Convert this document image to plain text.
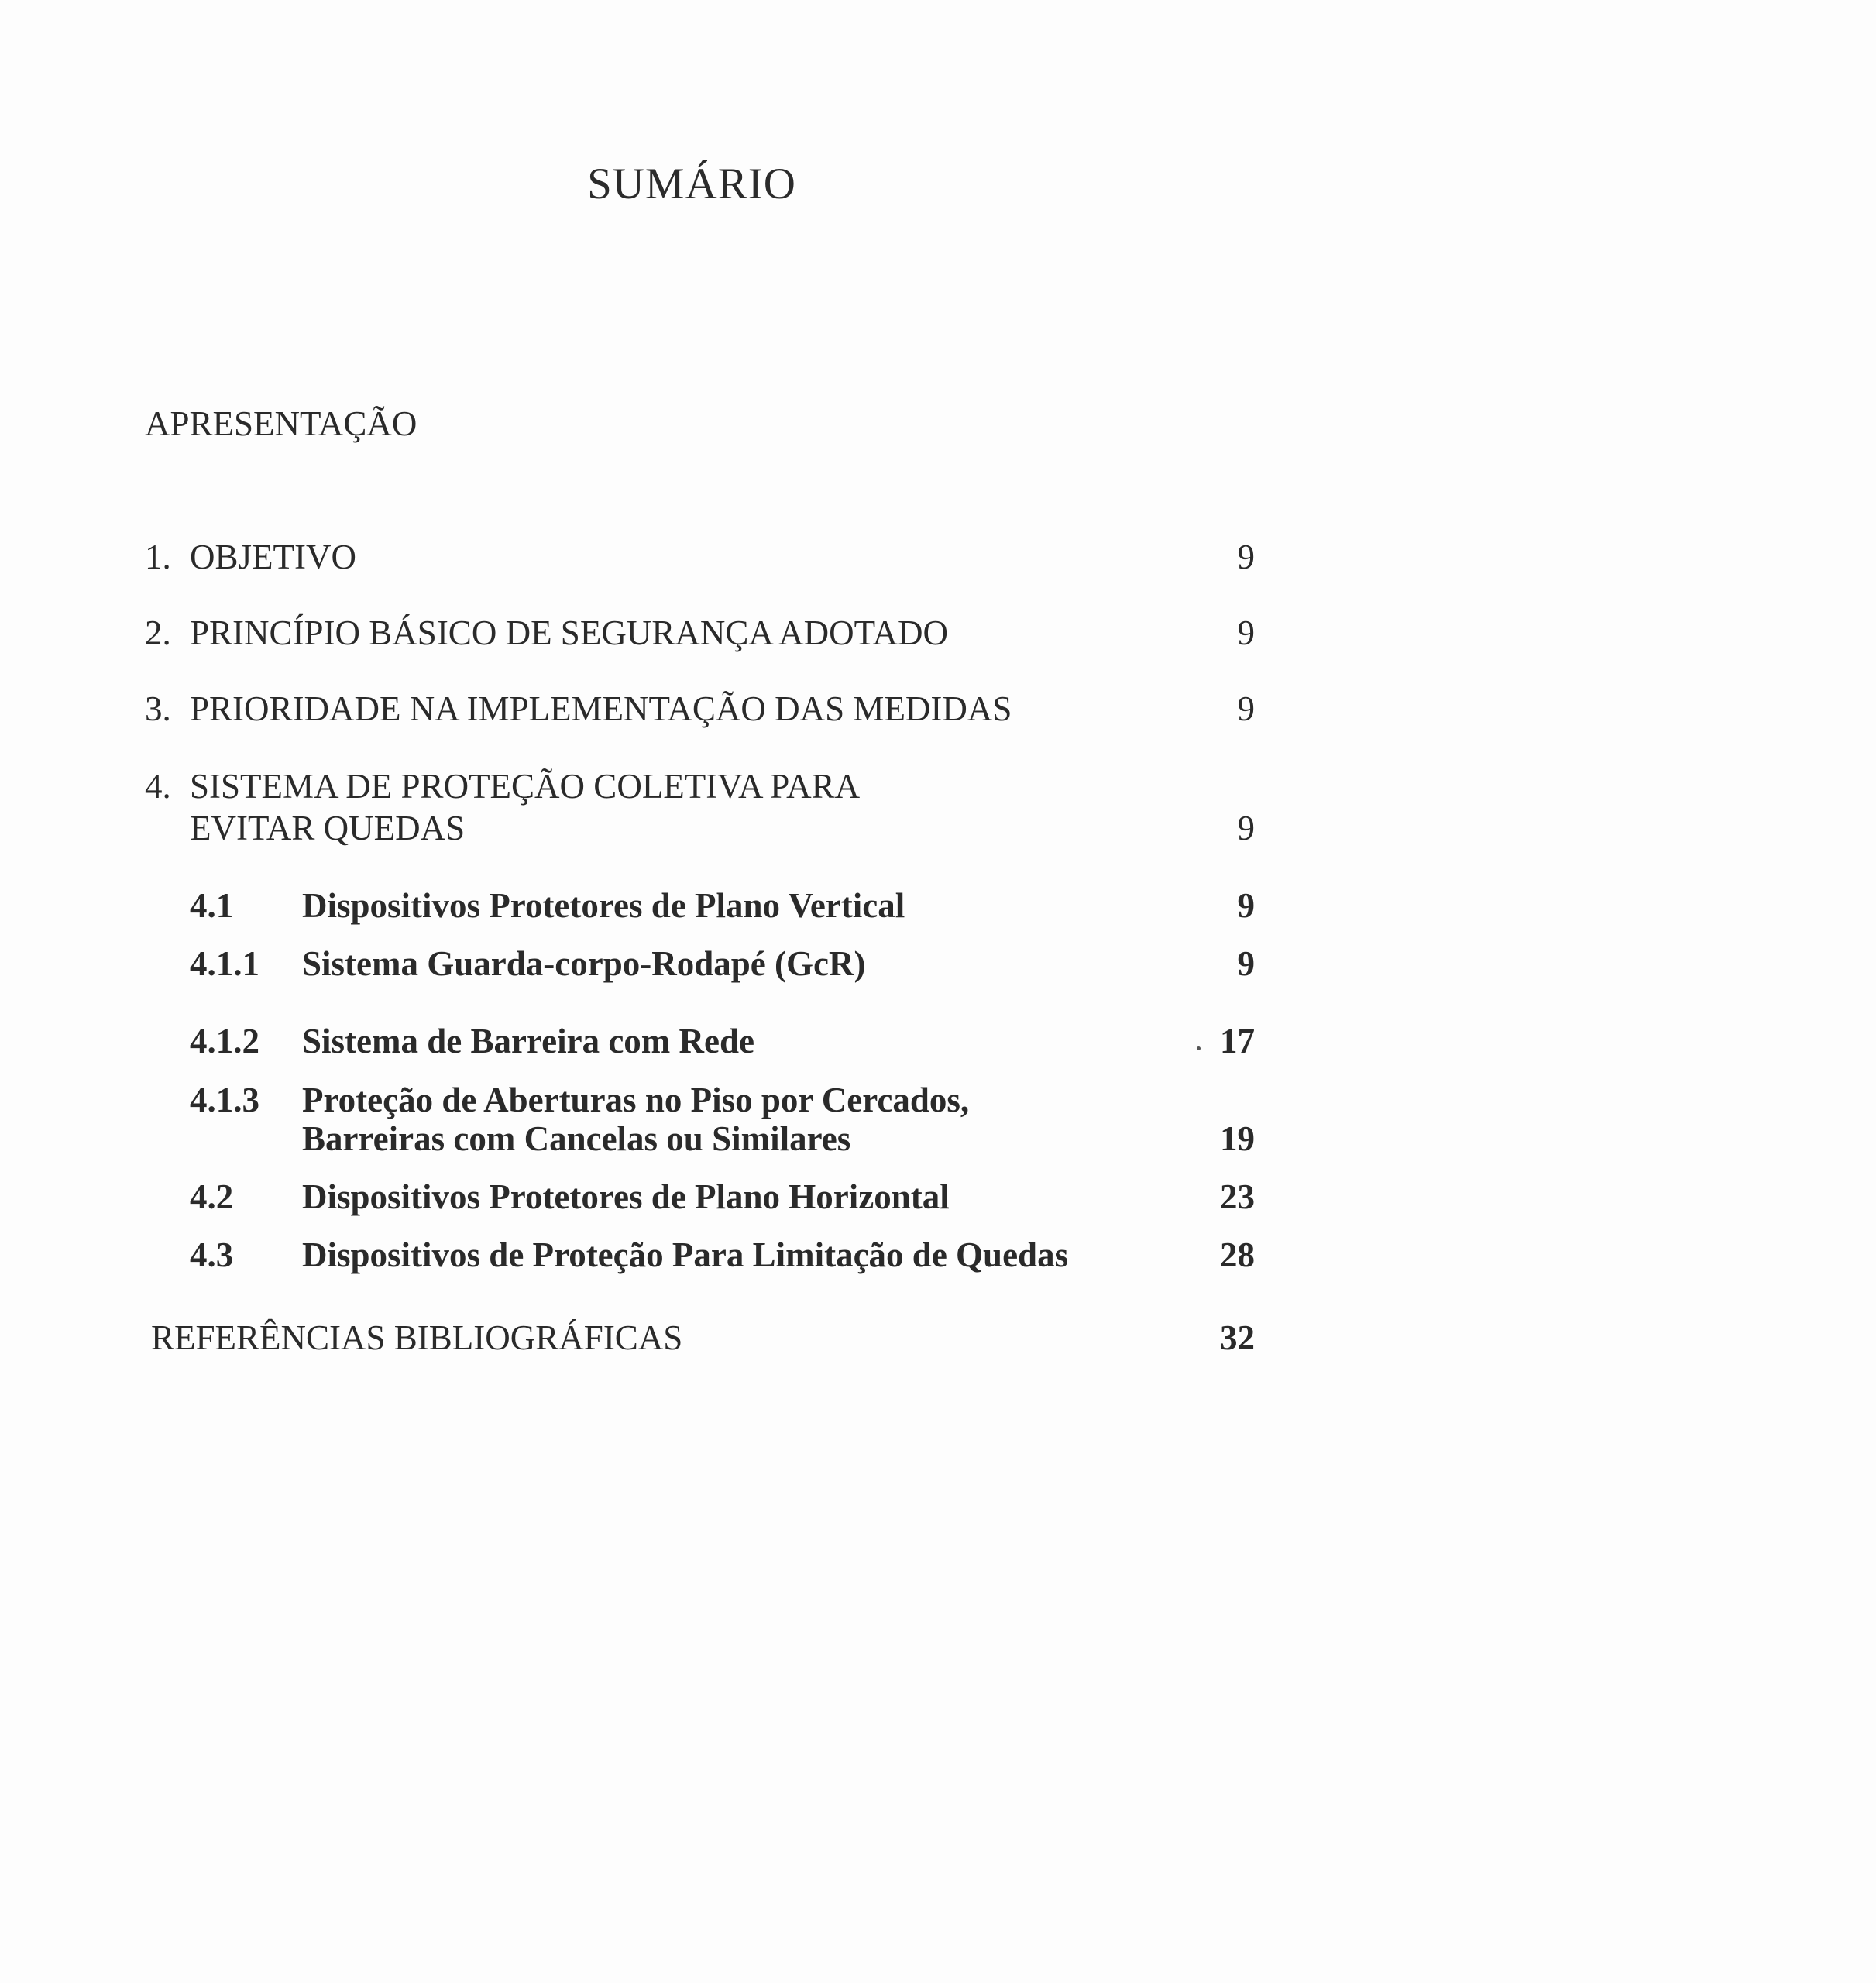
SUMÁRIO
APRESENTAÇÃO
1. OBJETIVO	9
2. PRINCÍPIO BÁSICO DE SEGURANÇA ADOTADO	9
3. PRIORIDADE NA IMPLEMENTAÇÃO DAS MEDIDAS	9
4. SISTEMA DE PROTEÇÃO COLETIVA PARA
EVITAR QUEDAS	9
4.1 Dispositivos Protetores de Plano Vertical	9
4.1.1 Sistema Guarda-corpo-Rodapé (GcR)	9
4.1.2 Sistema de Barreira com Rede	17
4.1.3 Proteção de Aberturas no Piso por Cercados,
Barreiras com Cancelas ou Similares	19
4.2 Dispositivos Protetores de Plano Horizontal	23
4.3 Dispositivos de Proteção Para Limitação de Quedas	28
REFERÊNCIAS BIBLIOGRÁFICAS	32
